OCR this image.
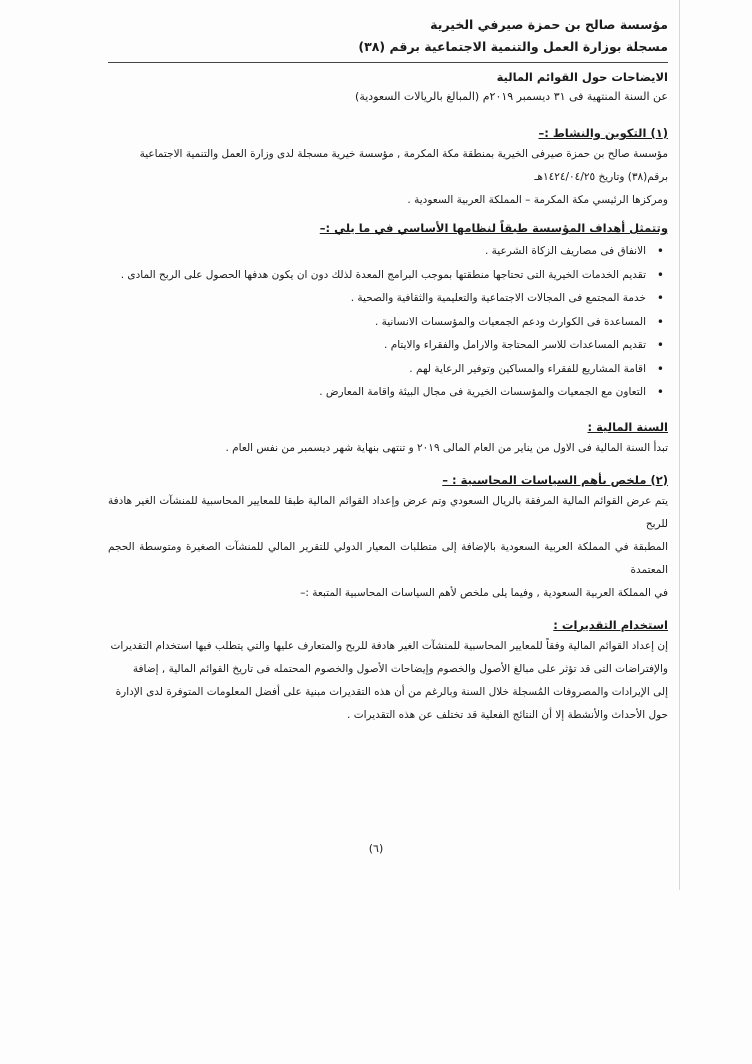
مؤسسة صالح بن حمزة صيرفي الخيرية
مسجلة بوزارة العمل والتنمية الاجتماعية برقم (٣٨)
الايضاحات حول القوائم المالية
عن السنة المنتهية فى ٣١ ديسمبر ٢٠١٩م (المبالغ بالريالات السعودية)
(١) التكوين والنشاط :–
مؤسسة صالح بن حمزة صيرفى الخيرية بمنطقة مكة المكرمة , مؤسسة خيرية مسجلة لدى وزارة العمل والتنمية الاجتماعية
برقم(٣٨) وتاريخ ١٤٢٤/٠٤/٢٥هـ
ومركزها الرئيسي مكة المكرمة – المملكة العربية السعودية .
وتتمثل أهداف المؤسسة طبقاً لنظامها الأساسي في ما يلي :–
• الانفاق فى مصاريف الزكاة الشرعية .
• تقديم الخدمات الخيرية التى تحتاجها منطقتها بموجب البرامج المعدة لذلك دون ان يكون هدفها الحصول على الربح المادى .
• خدمة المجتمع فى المجالات الاجتماعية والتعليمية والثقافية والصحية .
• المساعدة فى الكوارث ودعم الجمعيات والمؤسسات الانسانية .
• تقديم المساعدات للاسر المحتاجة والارامل والفقراء والايتام .
• اقامة المشاريع للفقراء والمساكين وتوفير الرعاية لهم .
• التعاون مع الجمعيات والمؤسسات الخيرية فى مجال البيئة واقامة المعارض .
السنة المالية :
تبدأ السنة المالية فى الاول من يناير من العام المالى ٢٠١٩ و تنتهى بنهاية شهر ديسمبر من نفس العام .
(٢) ملخص بأهم السياسات المحاسبية : –
يتم عرض القوائم المالية المرفقة بالريال السعودي وتم عرض وإعداد القوائم المالية طبقا للمعايير المحاسبية للمنشآت الغير هادفة للربح
المطبقة في المملكة العربية السعودية بالإضافة إلى متطلبات المعيار الدولي للتقرير المالي للمنشآت الصغيرة ومتوسطة الحجم المعتمدة
في المملكة العربية السعودية , وفيما يلى ملخص لأهم السياسات المحاسبية المتبعة :–
استخدام التقديرات :
إن إعداد القوائم المالية وفقاً للمعايير المحاسبية للمنشآت الغير هادفة للربح والمتعارف عليها والتي يتطلب فيها استخدام التقديرات
والإفتراضات التى قد تؤثر على مبالغ الأصول والخصوم وإيضاحات الأصول والخصوم المحتمله فى تاريخ القوائم المالية , إضافة
إلى الإيرادات والمصروفات المُسجلة خلال السنة وبالرغم من أن هذه التقديرات مبنية على أفضل المعلومات المتوفرة لدى الإدارة
حول الأحداث والأنشطة إلا أن النتائج الفعلية قد تختلف عن هذه التقديرات .
(٦)
